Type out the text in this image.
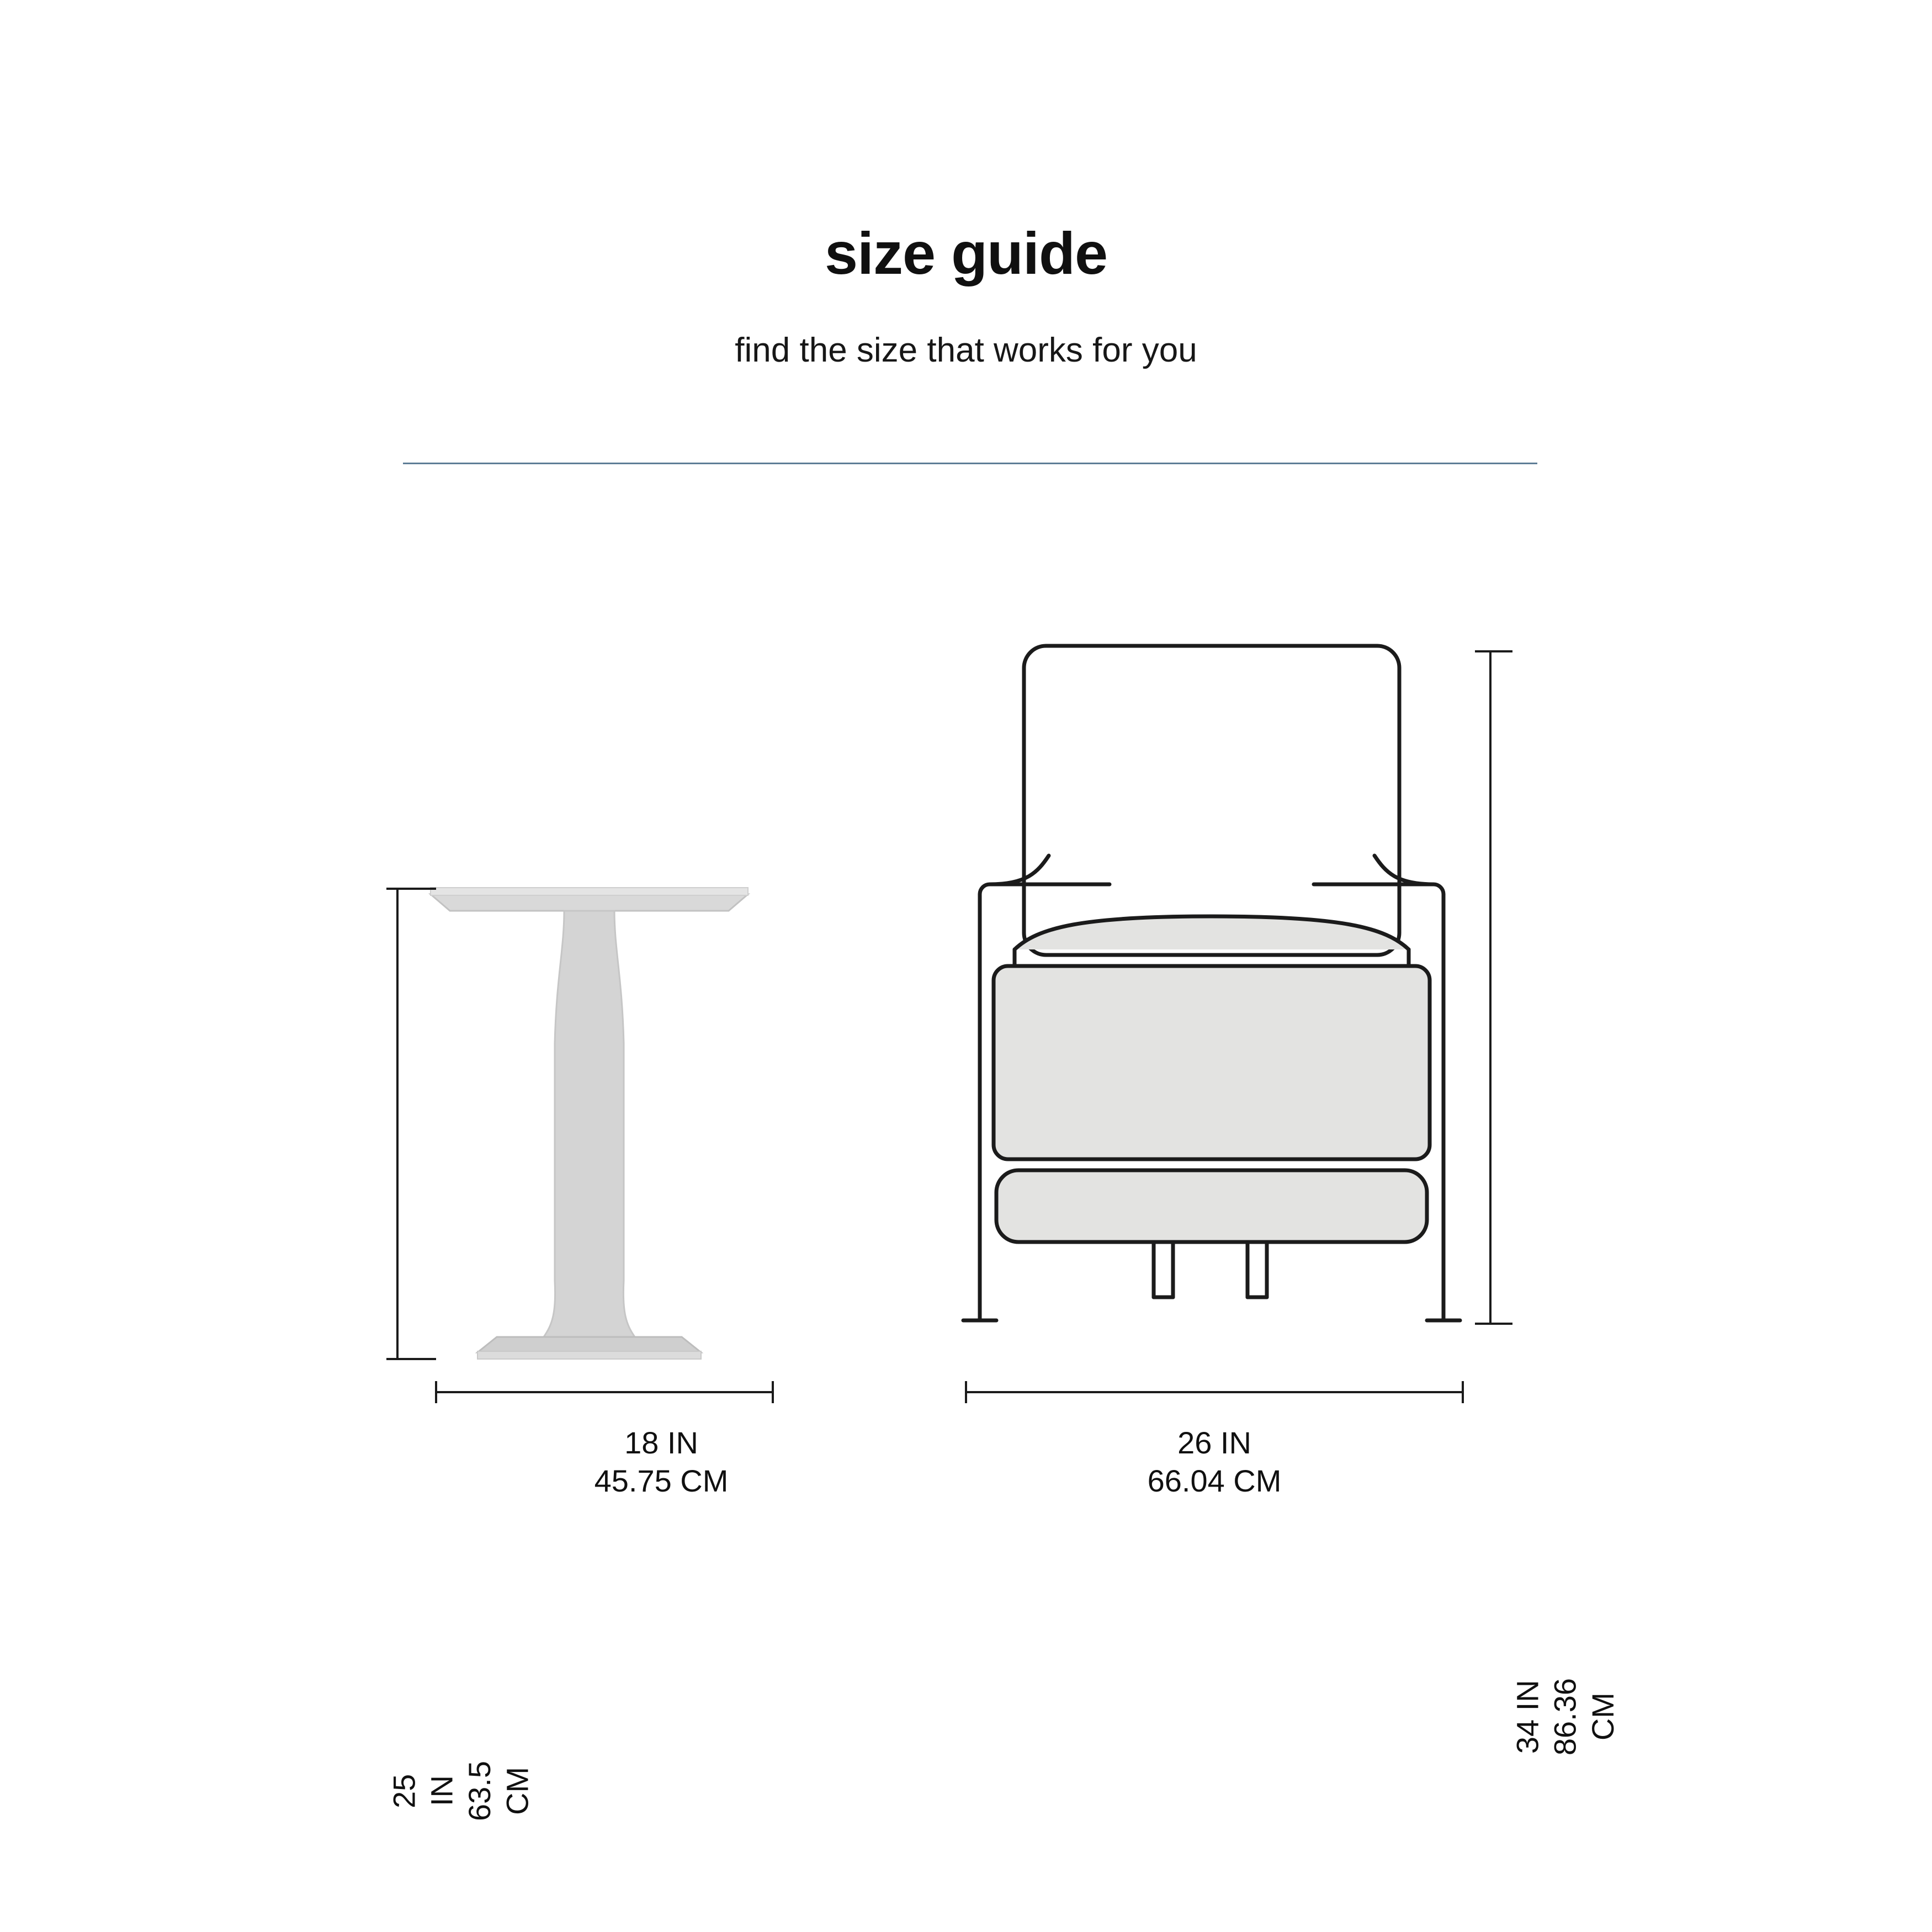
size guide

find the size that works for you

18 IN

45.75 CM

25 IN 63.5 CM

26 IN

66.04 CM

34 IN 86.36 CM
